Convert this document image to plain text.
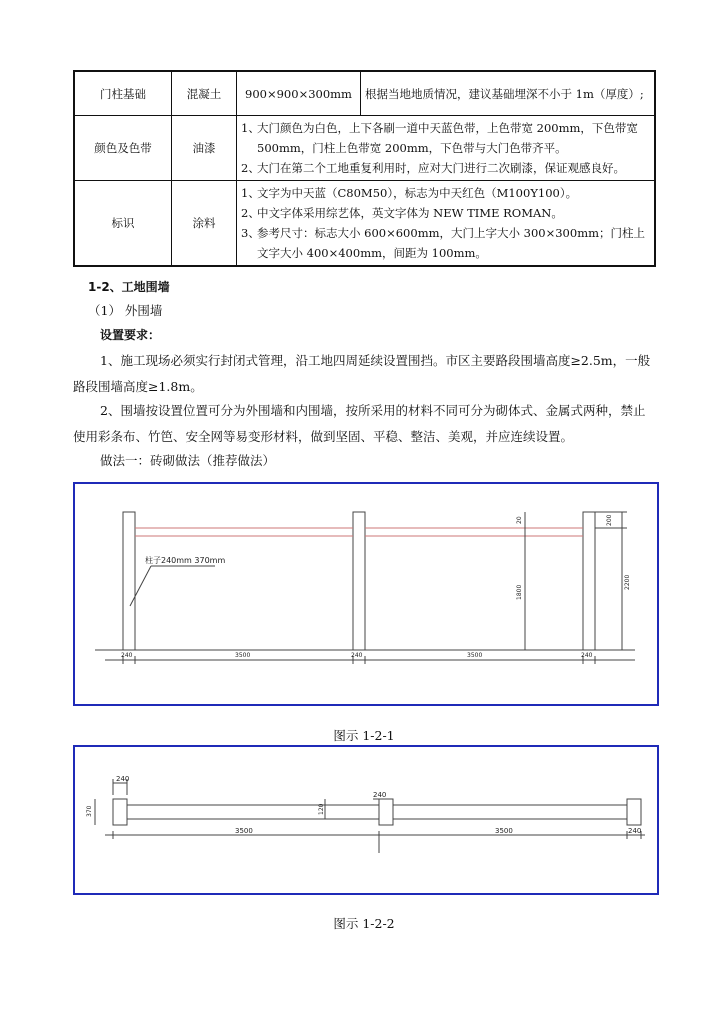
门柱基础	混凝土	900×900×300mm	根据当地地质情况，建议基础埋深不小于 1m（厚度）;
颜色及色带	油漆	1、大门颜色为白色，上下各刷一道中天蓝色带，上色带宽 200mm，下色带宽 500mm，门柱上色带宽 200mm，下色带与大门色带齐平。
2、大门在第二个工地重复利用时，应对大门进行二次刷漆，保证观感良好。	

标识	涂料	1、文字为中天蓝（C80M50），标志为中天红色（M100Y100）。
2、中文字体采用综艺体，英文字体为 NEW TIME ROMAN。
3、参考尺寸：标志大小 600×600mm，大门上字大小 300×300mm；门柱上文字大小 400×400mm，间距为 100mm。	
1-2、工地围墙
（1） 外围墙
设置要求：
1、施工现场必须实行封闭式管理，沿工地四周延续设置围挡。市区主要路段围墙高度≥2.5m，一般路段围墙高度≥1.8m。
2、围墙按设置位置可分为外围墙和内围墙，按所采用的材料不同可分为砌体式、金属式两种，禁止使用彩条布、竹笆、安全网等易变形材料，做到坚固、平稳、整洁、美观，并应连续设置。
做法一：砖砌做法（推荐做法）
柱子240mm 370mm
240	3500	240	3500	240
20
1800
200
2200
图示 1-2-1
240
240
370	120
3500	3500	240
图示 1-2-2
